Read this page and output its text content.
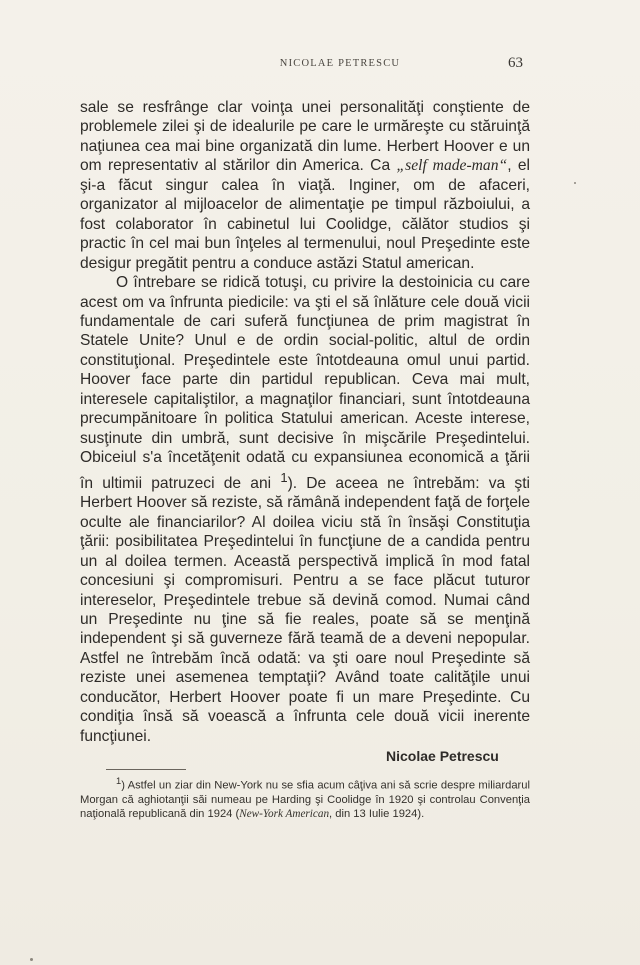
NICOLAE PETRESCU	63

sale se resfrânge clar voinţa unei personalităţi conştiente de problemele zilei şi de idealurile pe care le urmăreşte cu stăruinţă naţiunea cea mai bine organizată din lume. Herbert Hoover e un om representativ al stărilor din America. Ca „self made-man“, el şi-a făcut singur calea în viaţă. Inginer, om de afaceri, organizator al mijloacelor de alimentaţie pe timpul războiului, a fost colaborator în cabinetul lui Coolidge, călător studios şi practic în cel mai bun înţeles al termenului, noul Preşedinte este desigur pregătit pentru a conduce astăzi Statul american.

O întrebare se ridică totuşi, cu privire la destoinicia cu care acest om va înfrunta piedicile: va şti el să înlăture cele două vicii fundamentale de cari suferă funcţiunea de prim magistrat în Statele Unite? Unul e de ordin social-politic, altul de ordin constituţional. Preşedintele este întotdeauna omul unui partid. Hoover face parte din partidul republican. Ceva mai mult, interesele capitaliştilor, a magnaţilor financiari, sunt întotdeauna precumpănitoare în politica Statului american. Aceste interese, susţinute din umbră, sunt decisive în mişcările Preşedintelui. Obiceiul s'a încetăţenit odată cu expansiunea economică a ţării în ultimii patruzeci de ani $^1$). De aceea ne întrebăm: va şti Herbert Hoover să reziste, să rămână independent faţă de forţele oculte ale financiarilor? Al doilea viciu stă în însăşi Constituţia ţării: posibilitatea Preşedintelui în funcţiune de a candida pentru un al doilea termen. Această perspectivă implică în mod fatal concesiuni şi compromisuri. Pentru a se face plăcut tuturor intereselor, Preşedintele trebue să devină comod. Numai când un Preşedinte nu ţine să fie reales, poate să se menţină independent şi să guverneze fără teamă de a deveni nepopular. Astfel ne întrebăm încă odată: va şti oare noul Preşedinte să reziste unei asemenea temptaţii? Având toate calităţile unui conducător, Herbert Hoover poate fi un mare Preşedinte. Cu condiţia însă să voească a înfrunta cele două vicii inerente funcţiunei.

Nicolae Petrescu
$^1$) Astfel un ziar din New-York nu se sfia acum câţiva ani să scrie despre miliardarul Morgan că aghiotanţii săi numeau pe Harding şi Coolidge în 1920 şi controlau Convenţia naţională republicană din 1924 (New-York American, din 13 Iulie 1924).
